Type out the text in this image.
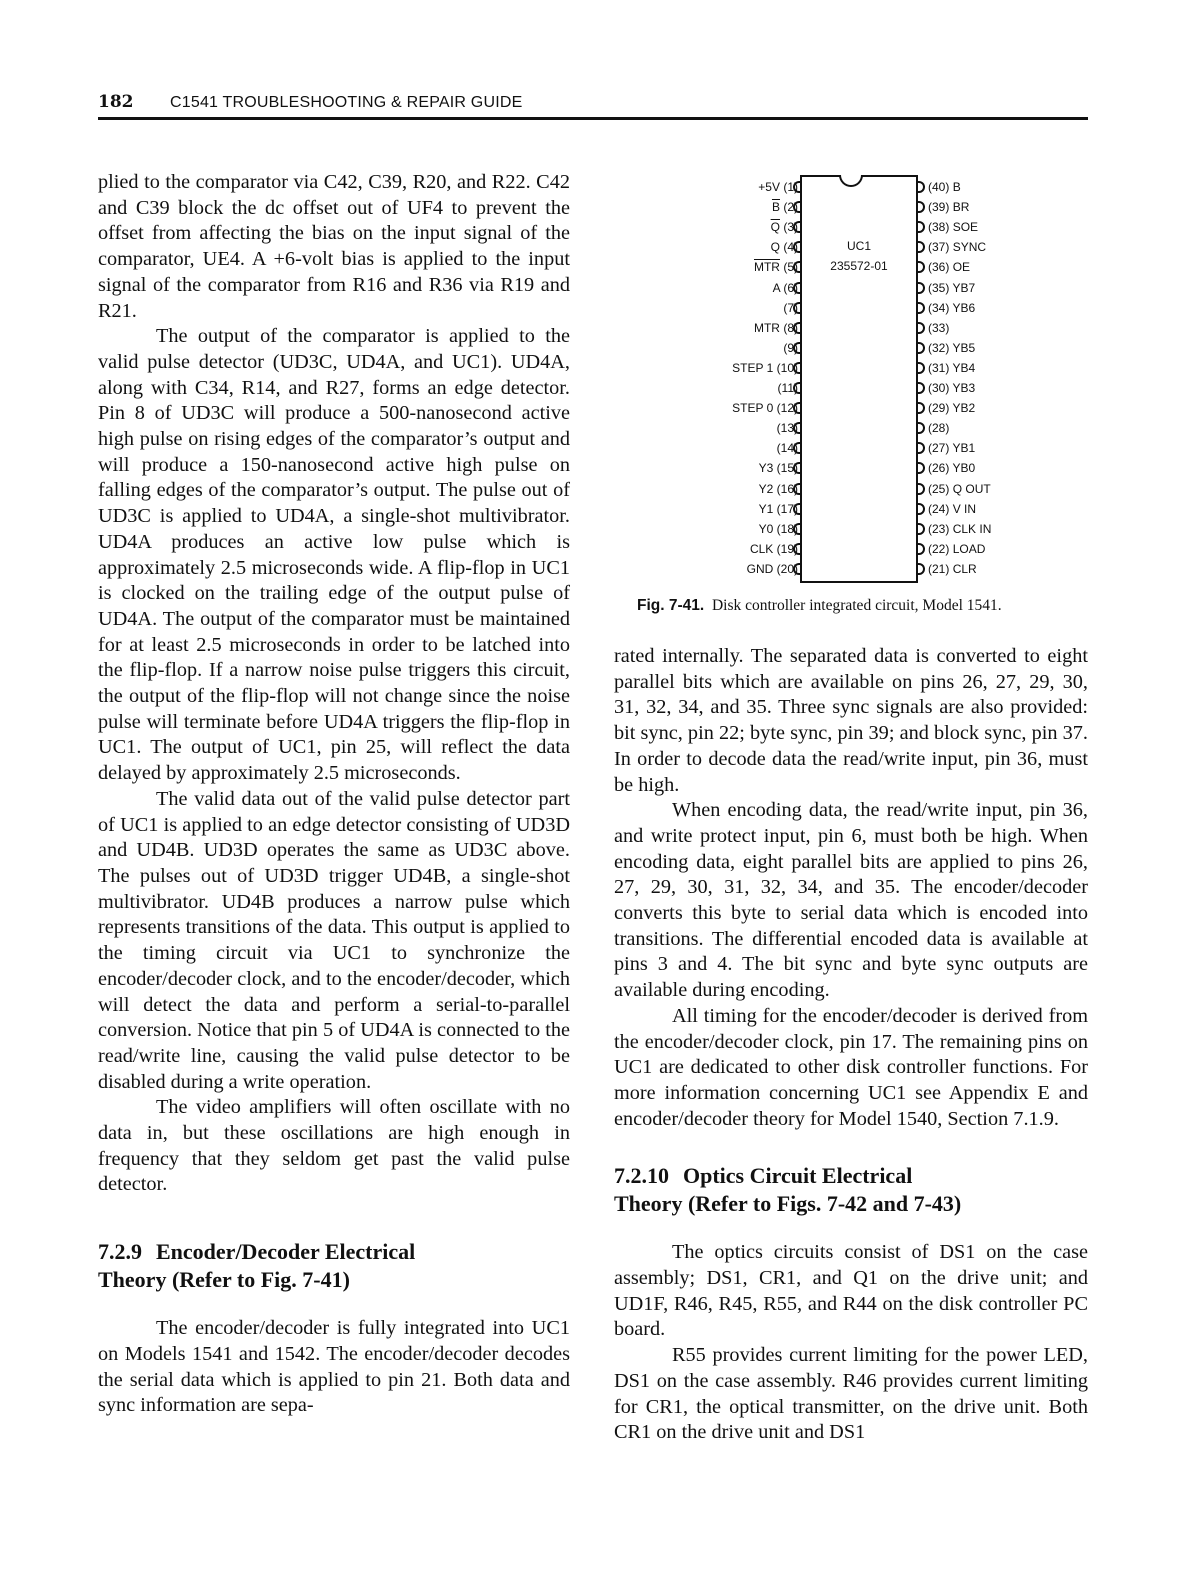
182 C1541 TROUBLESHOOTING & REPAIR GUIDE

plied to the comparator via C42, C39, R20, and R22. C42 and C39 block the dc offset out of UF4 to prevent the offset from affecting the bias on the input signal of the comparator, UE4. A +6-volt bias is applied to the input signal of the comparator from R16 and R36 via R19 and R21.

The output of the comparator is applied to the valid pulse detector (UD3C, UD4A, and UC1). UD4A, along with C34, R14, and R27, forms an edge detector. Pin 8 of UD3C will produce a 500-nanosecond active high pulse on rising edges of the comparator’s output and will produce a 150-nanosecond active high pulse on falling edges of the comparator’s output. The pulse out of UD3C is applied to UD4A, a single-shot multivibrator. UD4A produces an active low pulse which is approximately 2.5 microseconds wide. A flip-flop in UC1 is clocked on the trailing edge of the output pulse of UD4A. The output of the comparator must be maintained for at least 2.5 microseconds in order to be latched into the flip-flop. If a narrow noise pulse triggers this circuit, the output of the flip-flop will not change since the noise pulse will terminate before UD4A triggers the flip-flop in UC1. The output of UC1, pin 25, will reflect the data delayed by approximately 2.5 microseconds.

The valid data out of the valid pulse detector part of UC1 is applied to an edge detector consisting of UD3D and UD4B. UD3D operates the same as UD3C above. The pulses out of UD3D trigger UD4B, a single-shot multivibrator. UD4B produces a narrow pulse which represents transitions of the data. This output is applied to the timing circuit via UC1 to synchronize the encoder/decoder clock, and to the encoder/decoder, which will detect the data and perform a serial-to-parallel conversion. Notice that pin 5 of UD4A is connected to the read/write line, causing the valid pulse detector to be disabled during a write operation.

The video amplifiers will often oscillate with no data in, but these oscillations are high enough in frequency that they seldom get past the valid pulse detector.

7.2.9 Encoder/Decoder Electrical
Theory (Refer to Fig. 7-41)

The encoder/decoder is fully integrated into UC1 on Models 1541 and 1542. The encoder/decoder decodes the serial data which is applied to pin 21. Both data and sync information are sepa-

UC1
235572-01
+5V (1)
$\overline{B}$ (2)
$\overline{Q}$ (3)
Q (4)
$\overline{MTR}$ (5)
A (6)
(7)
MTR (8)
(9)
STEP 1 (10)
(11)
STEP 0 (12)
(13)
(14)
Y3 (15)
Y2 (16)
Y1 (17)
Y0 (18)
CLK (19)
GND (20)
(40) B
(39) BR
(38) SOE
(37) SYNC
(36) OE
(35) YB7
(34) YB6
(33)
(32) YB5
(31) YB4
(30) YB3
(29) YB2
(28)
(27) YB1
(26) YB0
(25) Q OUT
(24) V IN
(23) CLK IN
(22) LOAD
(21) CLR
Fig. 7-41. Disk controller integrated circuit, Model 1541.

rated internally. The separated data is converted to eight parallel bits which are available on pins 26, 27, 29, 30, 31, 32, 34, and 35. Three sync signals are also provided: bit sync, pin 22; byte sync, pin 39; and block sync, pin 37. In order to decode data the read/write input, pin 36, must be high.

When encoding data, the read/write input, pin 36, and write protect input, pin 6, must both be high. When encoding data, eight parallel bits are applied to pins 26, 27, 29, 30, 31, 32, 34, and 35. The encoder/decoder converts this byte to serial data which is encoded into transitions. The differential encoded data is available at pins 3 and 4. The bit sync and byte sync outputs are available during encoding.

All timing for the encoder/decoder is derived from the encoder/decoder clock, pin 17. The remaining pins on UC1 are dedicated to other disk controller functions. For more information concerning UC1 see Appendix E and encoder/decoder theory for Model 1540, Section 7.1.9.

7.2.10 Optics Circuit Electrical
Theory (Refer to Figs. 7-42 and 7-43)

The optics circuits consist of DS1 on the case assembly; DS1, CR1, and Q1 on the drive unit; and UD1F, R46, R45, R55, and R44 on the disk controller PC board.

R55 provides current limiting for the power LED, DS1 on the case assembly. R46 provides current limiting for CR1, the optical transmitter, on the drive unit. Both CR1 on the drive unit and DS1
